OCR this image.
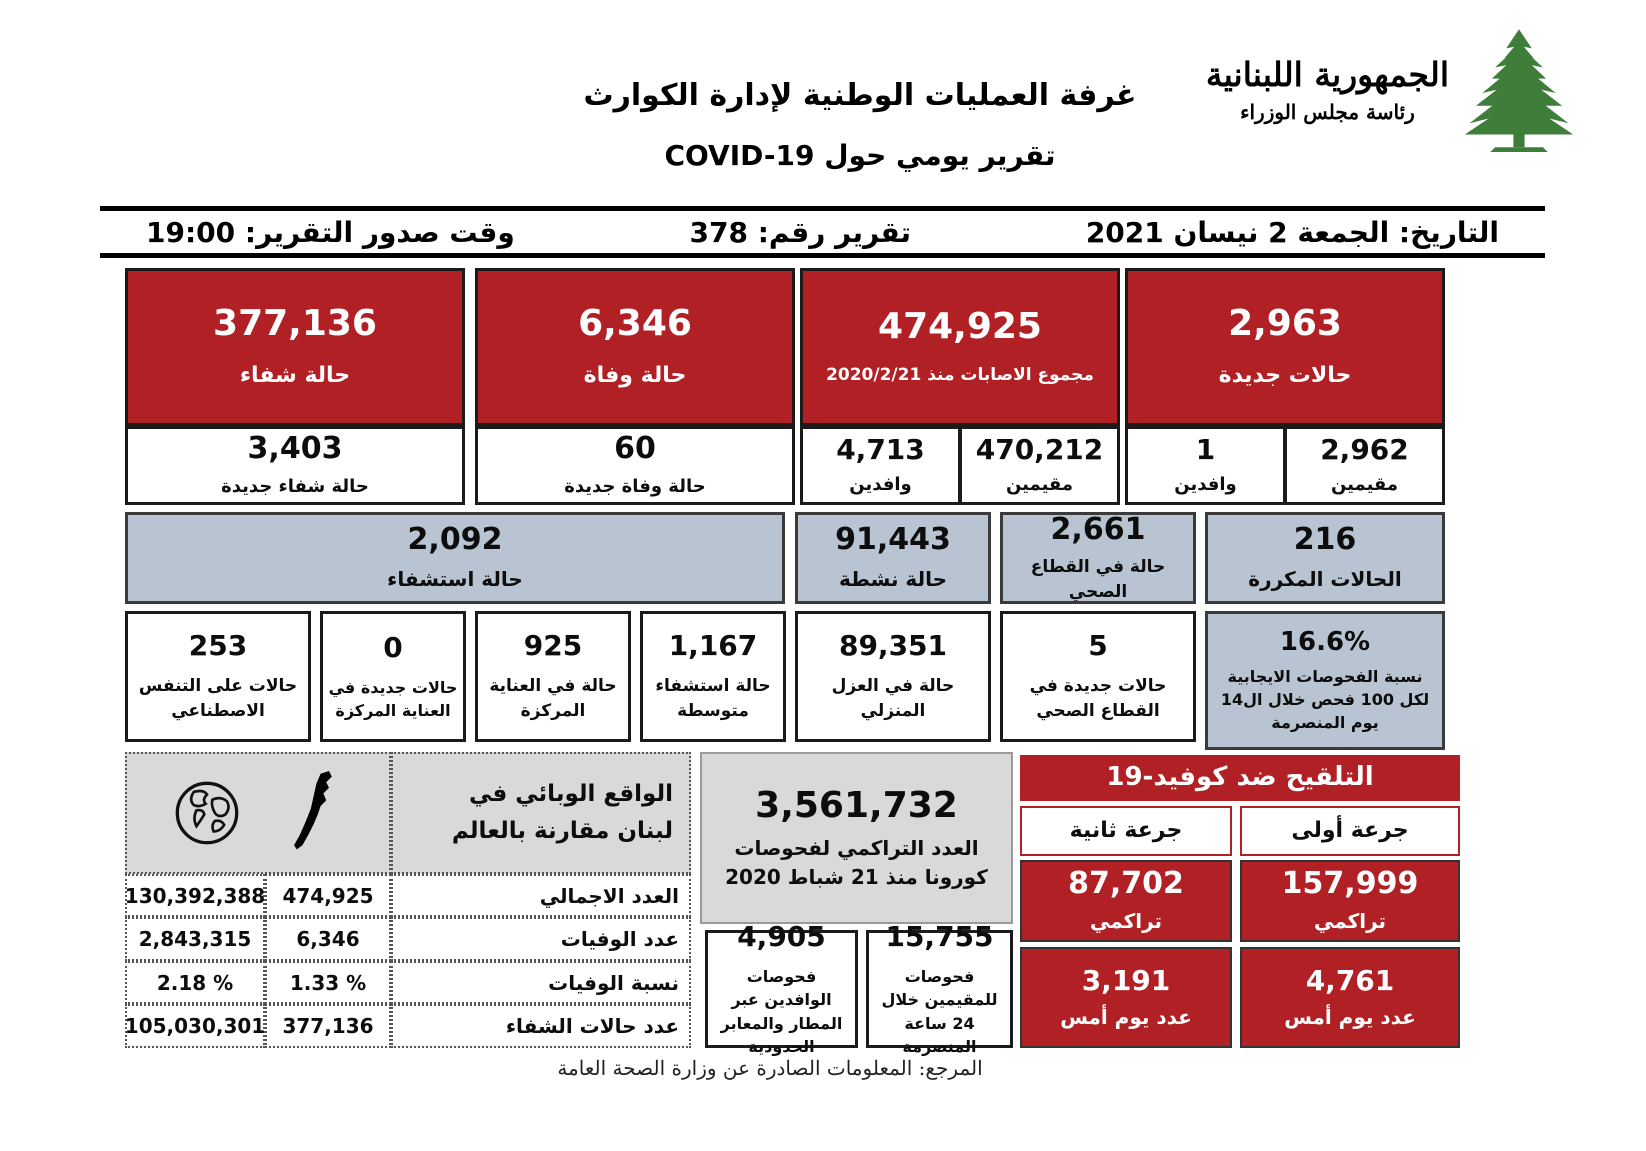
الجمهورية اللبنانية
رئاسة مجلس الوزراء
غرفة العمليات الوطنية لإدارة الكوارث
تقرير يومي حول COVID-19
التاريخ: الجمعة 2 نيسان 2021
تقرير رقم: 378
وقت صدور التقرير: 19:00
377,136
حالة شفاء
6,346
حالة وفاة
474,925
مجموع الاصابات منذ 2020/2/21
2,963
حالات جديدة
3,403
حالة شفاء جديدة
60
حالة وفاة جديدة
4,713
وافدين
470,212
مقيمين
1
وافدين
2,962
مقيمين
2,092
حالة استشفاء
91,443
حالة نشطة
2,661
حالة في القطاع الصحي
216
الحالات المكررة
253
حالات على التنفس الاصطناعي
0
حالات جديدة في العناية المركزة
925
حالة في العناية المركزة
1,167
حالة استشفاء متوسطة
89,351
حالة في العزل المنزلي
5
حالات جديدة في القطاع الصحي
16.6%
نسبة الفحوصات الايجابية لكل 100 فحص خلال ال14 يوم المنصرمة
الواقع الوبائي في لبنان مقارنة بالعالم
130,392,388 474,925	العدد الاجمالي
2,843,315	6,346	عدد الوفيات
2.18 %	1.33 %	نسبة الوفيات
105,030,301 377,136	عدد حالات الشفاء
3,561,732
العدد التراكمي لفحوصات كورونا منذ 21 شباط 2020
4,905
فحوصات الوافدين عبر المطار والمعابر الحدودية
15,755
فحوصات للمقيمين خلال 24 ساعة المنصرمة
التلقيح ضد كوفيد-19
جرعة ثانية	جرعة أولى
87,702
تراكمي
157,999
تراكمي
3,191
عدد يوم أمس
4,761
عدد يوم أمس
المرجع: المعلومات الصادرة عن وزارة الصحة العامة
